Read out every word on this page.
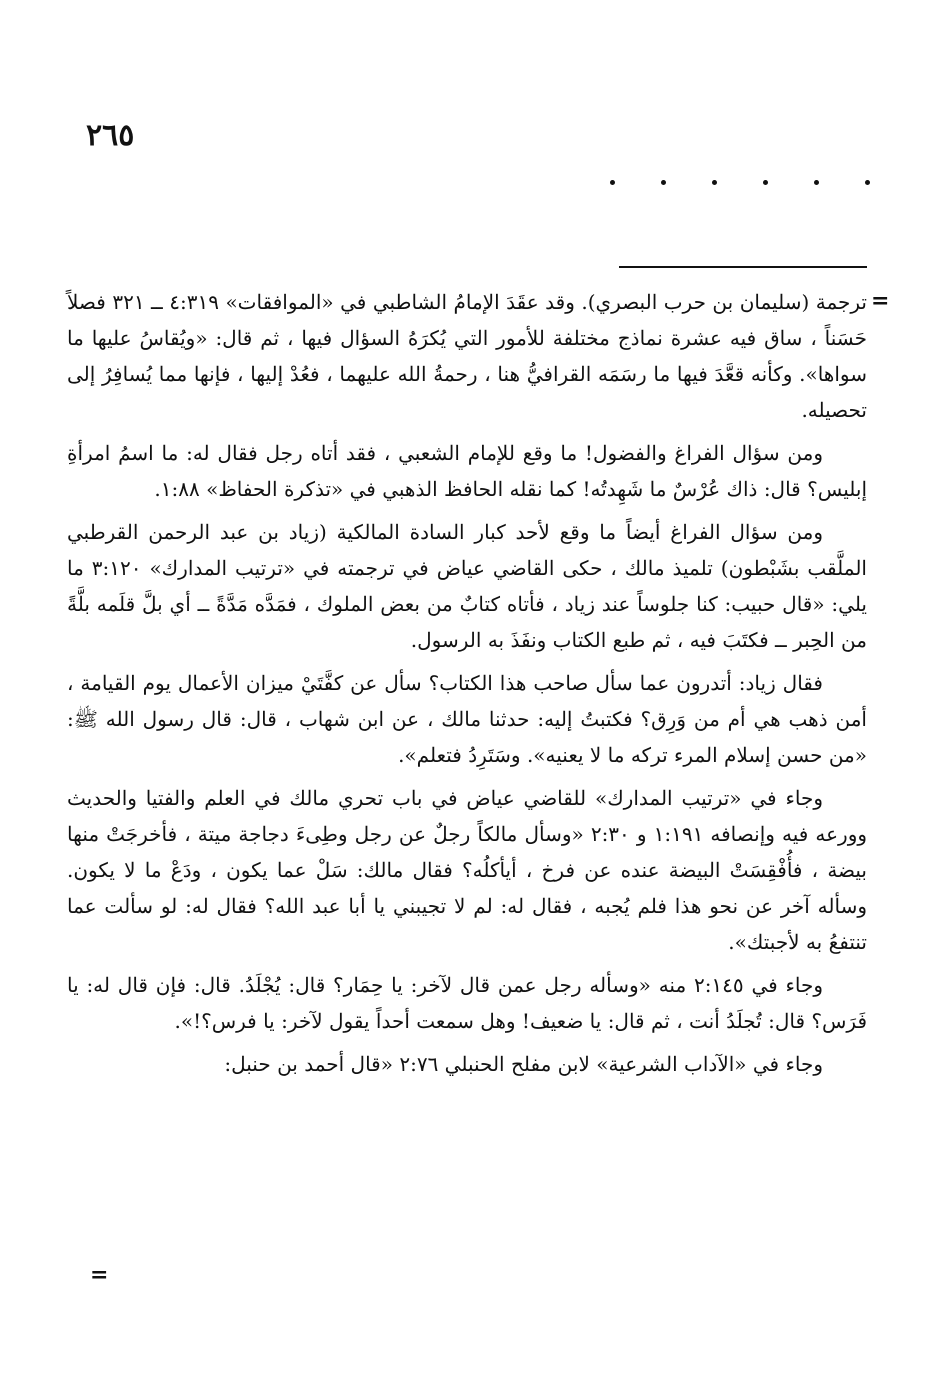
٢٦٥
=

ترجمة (سليمان بن حرب البصري). وقد عقَدَ الإمامُ الشاطبي في «الموافقات» ٤:٣١٩ ــ ٣٢١ فصلاً حَسَناً ، ساق فيه عشرة نماذج مختلفة للأمور التي يُكرَهُ السؤال فيها ، ثم قال: «ويُقاسُ عليها ما سواها». وكأنه قعَّدَ فيها ما رسَمَه القرافيُّ هنا ، رحمةُ الله عليهما ، فعُدْ إليها ، فإنها مما يُسافِرُ إلى تحصيله.

ومن سؤال الفراغ والفضول! ما وقع للإمام الشعبي ، فقد أتاه رجل فقال له: ما اسمُ امرأةِ إبليس؟ قال: ذاك عُرْسٌ ما شَهِدتُه! كما نقله الحافظ الذهبي في «تذكرة الحفاظ» ١:٨٨.

ومن سؤال الفراغ أيضاً ما وقع لأحد كبار السادة المالكية (زياد بن عبد الرحمن القرطبي الملَّقب بشَبْطون) تلميذ مالك ، حكى القاضي عياض في ترجمته في «ترتيب المدارك» ٣:١٢٠ ما يلي: «قال حبيب: كنا جلوساً عند زياد ، فأتاه كتابٌ من بعض الملوك ، فمَدَّه مَدَّةً ــ أي بلَّ قلَمه بلَّةً من الحِبر ــ فكتَبَ فيه ، ثم طبع الكتاب ونفَذَ به الرسول.

فقال زياد: أتدرون عما سأل صاحب هذا الكتاب؟ سأل عن كفَّتَيْ ميزان الأعمال يوم القيامة ، أمن ذهب هي أم من وَرِق؟ فكتبتُ إليه: حدثنا مالك ، عن ابن شهاب ، قال: قال رسول الله ﷺ: «من حسن إسلام المرء تركه ما لا يعنيه». وسَتَرِدُ فتعلم».

وجاء في «ترتيب المدارك» للقاضي عياض في باب تحري مالك في العلم والفتيا والحديث وورعه فيه وإنصافه ١:١٩١ و ٢:٣٠ «وسأل مالكاً رجلٌ عن رجل وطِىءَ دجاجة ميتة ، فأخرجَتْ منها بيضة ، فأُفْقِسَتْ البيضة عنده عن فرخ ، أيأكلُه؟ فقال مالك: سَلْ عما يكون ، ودَعْ ما لا يكون. وسأله آخر عن نحو هذا فلم يُجبه ، فقال له: لم لا تجيبني يا أبا عبد الله؟ فقال له: لو سألت عما تنتفعُ به لأجبتك».

وجاء في ٢:١٤٥ منه «وسأله رجل عمن قال لآخر: يا حِمَار؟ قال: يُجْلَدُ. قال: فإن قال له: يا فَرَس؟ قال: تُجلَدُ أنت ، ثم قال: يا ضعيف! وهل سمعت أحداً يقول لآخر: يا فرس؟!».

وجاء في «الآداب الشرعية» لابن مفلح الحنبلي ٢:٧٦ «قال أحمد بن حنبل:

=
